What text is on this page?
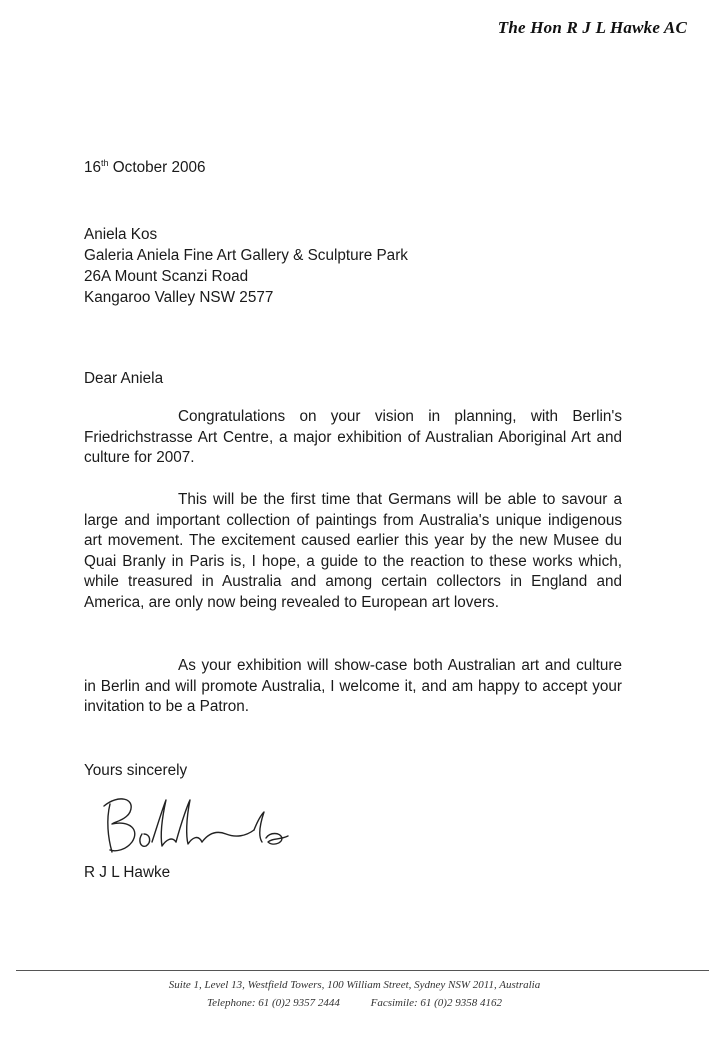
The Hon R J L Hawke AC
16th October 2006
Aniela Kos
Galeria Aniela Fine Art Gallery & Sculpture Park
26A Mount Scanzi Road
Kangaroo Valley NSW 2577
Dear Aniela
Congratulations on your vision in planning, with Berlin's Friedrichstrasse Art Centre, a major exhibition of Australian Aboriginal Art and culture for 2007.
This will be the first time that Germans will be able to savour a large and important collection of paintings from Australia's unique indigenous art movement. The excitement caused earlier this year by the new Musee du Quai Branly in Paris is, I hope, a guide to the reaction to these works which, while treasured in Australia and among certain collectors in England and America, are only now being revealed to European art lovers.
As your exhibition will show-case both Australian art and culture in Berlin and will promote Australia, I welcome it, and am happy to accept your invitation to be a Patron.
Yours sincerely
R J L Hawke
Suite 1, Level 13, Westfield Towers, 100 William Street, Sydney NSW 2011, Australia
Telephone: 61 (0)2 9357 2444	Facsimile: 61 (0)2 9358 4162
